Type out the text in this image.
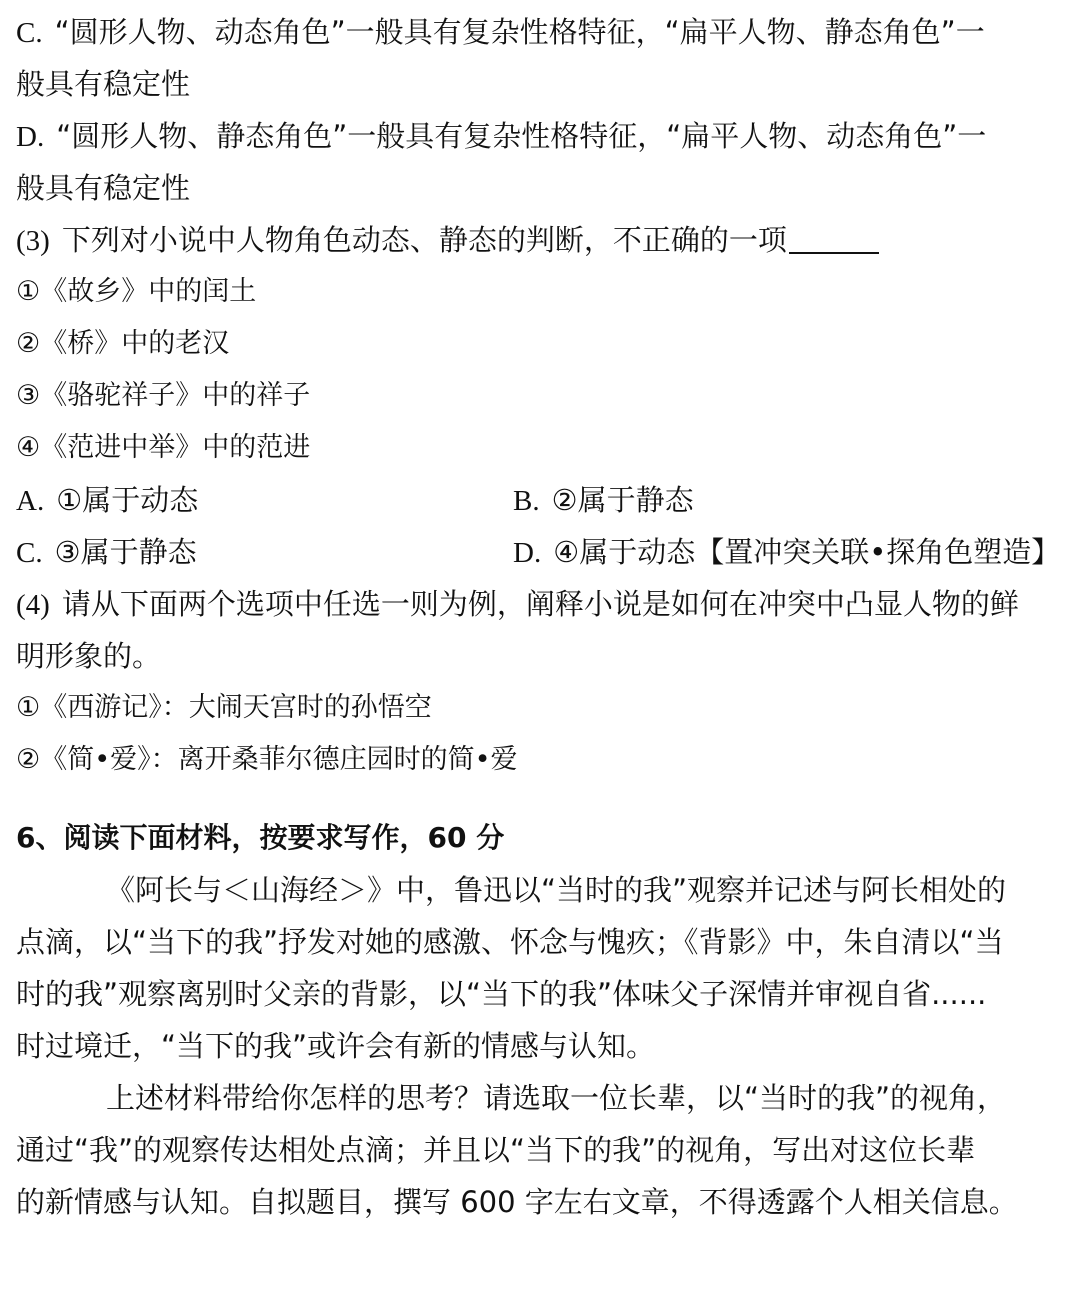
C. “圆形人物、动态角色”一般具有复杂性格特征，“扁平人物、静态角色”一
般具有稳定性
D. “圆形人物、静态角色”一般具有复杂性格特征，“扁平人物、动态角色”一
般具有稳定性
(3) 下列对小说中人物角色动态、静态的判断，不正确的一项
①《故乡》中的闰土
②《桥》中的老汉
③《骆驼祥子》中的祥子
④《范进中举》中的范进
A. ①属于动态	B. ②属于静态
C. ③属于静态	D. ④属于动态【置冲突关联•探角色塑造】
(4) 请从下面两个选项中任选一则为例，阐释小说是如何在冲突中凸显人物的鲜
明形象的。
①《西游记》：大闹天宫时的孙悟空
②《简•爱》：离开桑菲尔德庄园时的简•爱
6、阅读下面材料，按要求写作，60 分
《阿长与＜山海经＞》中，鲁迅以“当时的我”观察并记述与阿长相处的
点滴，以“当下的我”抒发对她的感激、怀念与愧疚；《背影》中，朱自清以“当
时的我”观察离别时父亲的背影，以“当下的我”体味父子深情并审视自省......
时过境迁，“当下的我”或许会有新的情感与认知。
上述材料带给你怎样的思考？请选取一位长辈，以“当时的我”的视角，
通过“我”的观察传达相处点滴；并且以“当下的我”的视角，写出对这位长辈
的新情感与认知。自拟题目，撰写 600 字左右文章，不得透露个人相关信息。
